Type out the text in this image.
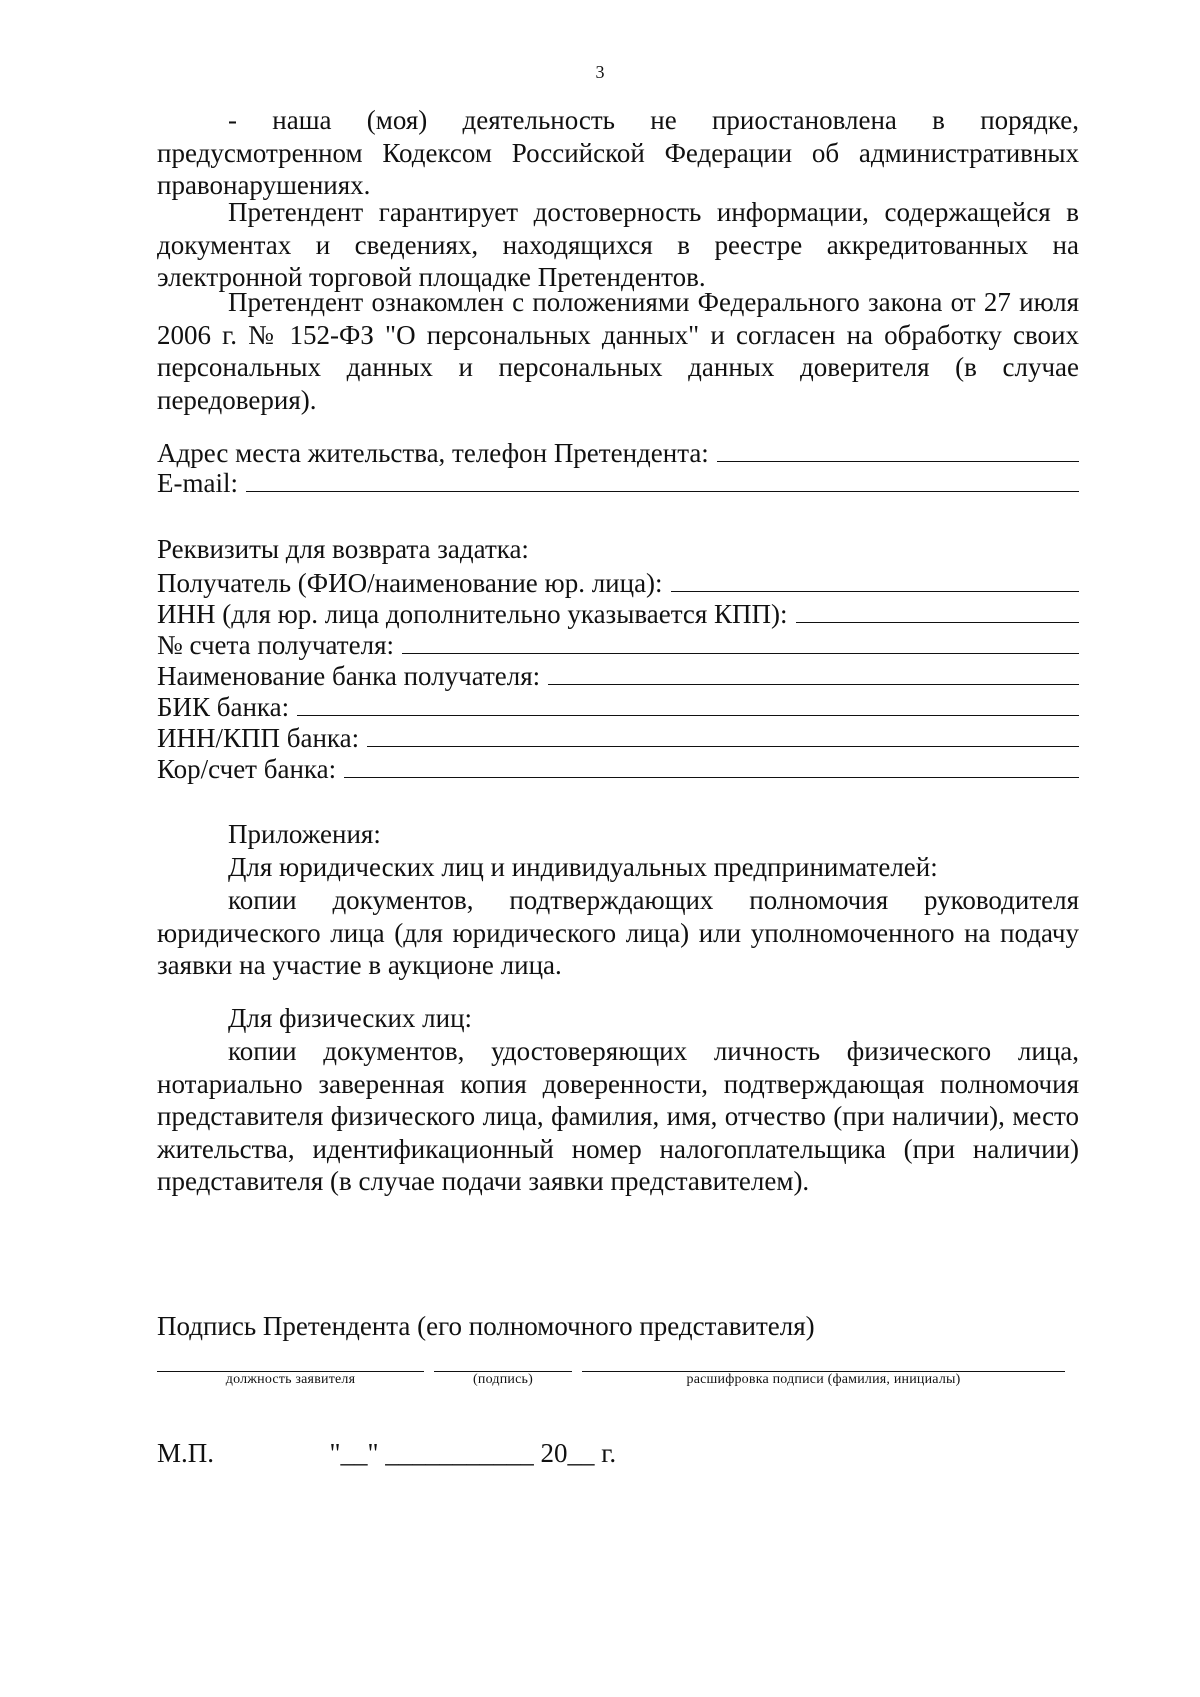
3

- наша (моя) деятельность не приостановлена в порядке, предусмотренном Кодексом Российской Федерации об административных правонарушениях.

Претендент гарантирует достоверность информации, содержащейся в документах и сведениях, находящихся в реестре аккредитованных на электронной торговой площадке Претендентов.

Претендент ознакомлен с положениями Федерального закона от 27 июля 2006 г. № 152-ФЗ "О персональных данных" и согласен на обработку своих персональных данных и персональных данных доверителя (в случае передоверия).

Адрес места жительства, телефон Претендента:
E-mail:
Реквизиты для возврата задатка:
Получатель (ФИО/наименование юр. лица):
ИНН (для юр. лица дополнительно указывается КПП):
№ счета получателя:
Наименование банка получателя:
БИК банка:
ИНН/КПП банка:
Кор/счет банка:
Приложения:
Для юридических лиц и индивидуальных предпринимателей:

копии документов, подтверждающих полномочия руководителя юридического лица (для юридического лица) или уполномоченного на подачу заявки на участие в аукционе лица.

Для физических лиц:

копии документов, удостоверяющих личность физического лица, нотариально заверенная копия доверенности, подтверждающая полномочия представителя физического лица, фамилия, имя, отчество (при наличии), место жительства, идентификационный номер налогоплательщика (при наличии) представителя (в случае подачи заявки представителем).

Подпись Претендента (его полномочного представителя)
должность заявителя	(подпись)	расшифровка подписи (фамилия, инициалы)
М.П.	"__" ___________ 20__ г.
